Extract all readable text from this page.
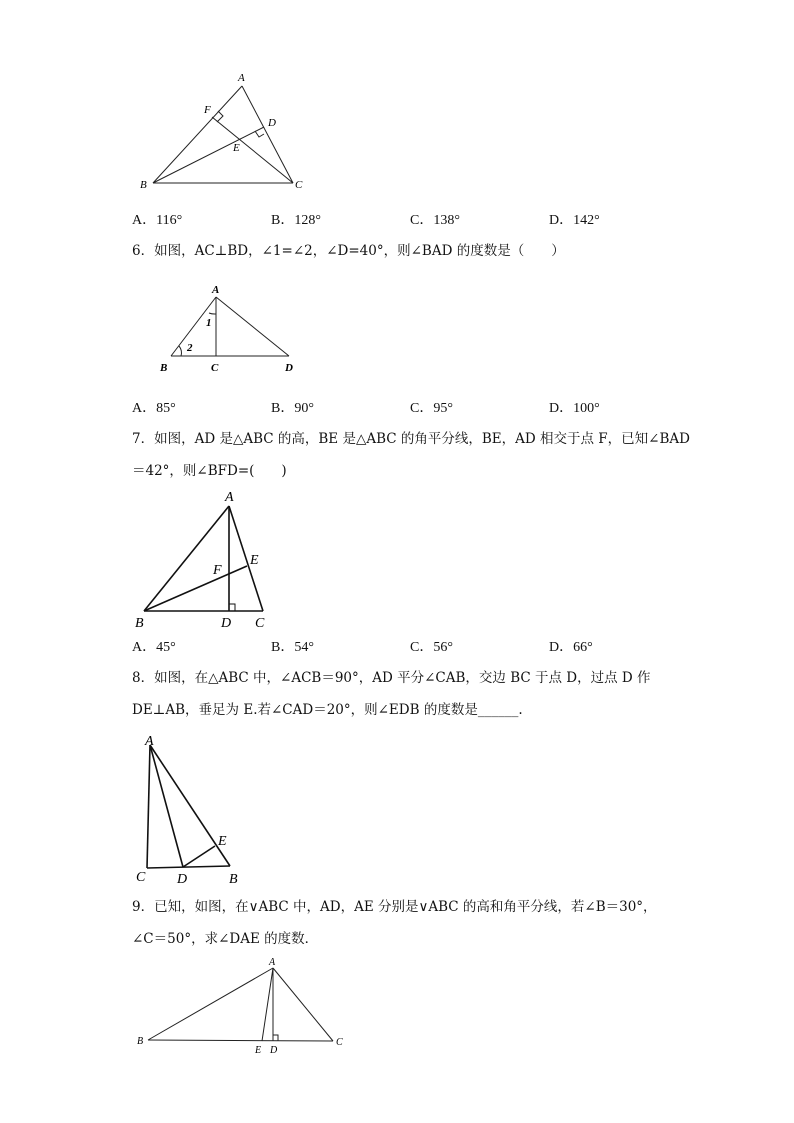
A
F
D
E
B	C
A．116°	B．128°	C．138°	D．142°
6．如图，AC⊥BD，∠1=∠2，∠D=40°，则∠BAD 的度数是（　　）
A
1
2
B	C	D
A．85°	B．90°	C．95°	D．100°
7．如图，AD 是△ABC 的高，BE 是△ABC 的角平分线，BE，AD 相交于点 F，已知∠BAD
＝42°，则∠BFD=(　　)
A
E
F
B	D C
A．45°	B．54°	C．56°	D．66°
8．如图，在△ABC 中，∠ACB＝90°，AD 平分∠CAB，交边 BC 于点 D，过点 D 作
DE⊥AB，垂足为 E.若∠CAD＝20°，则∠EDB 的度数是______.
A
E
C D	B
9．已知，如图，在∨ABC 中，AD，AE 分别是∨ABC 的高和角平分线，若∠B＝30°，
∠C＝50°，求∠DAE 的度数．
A
B	C
E D
